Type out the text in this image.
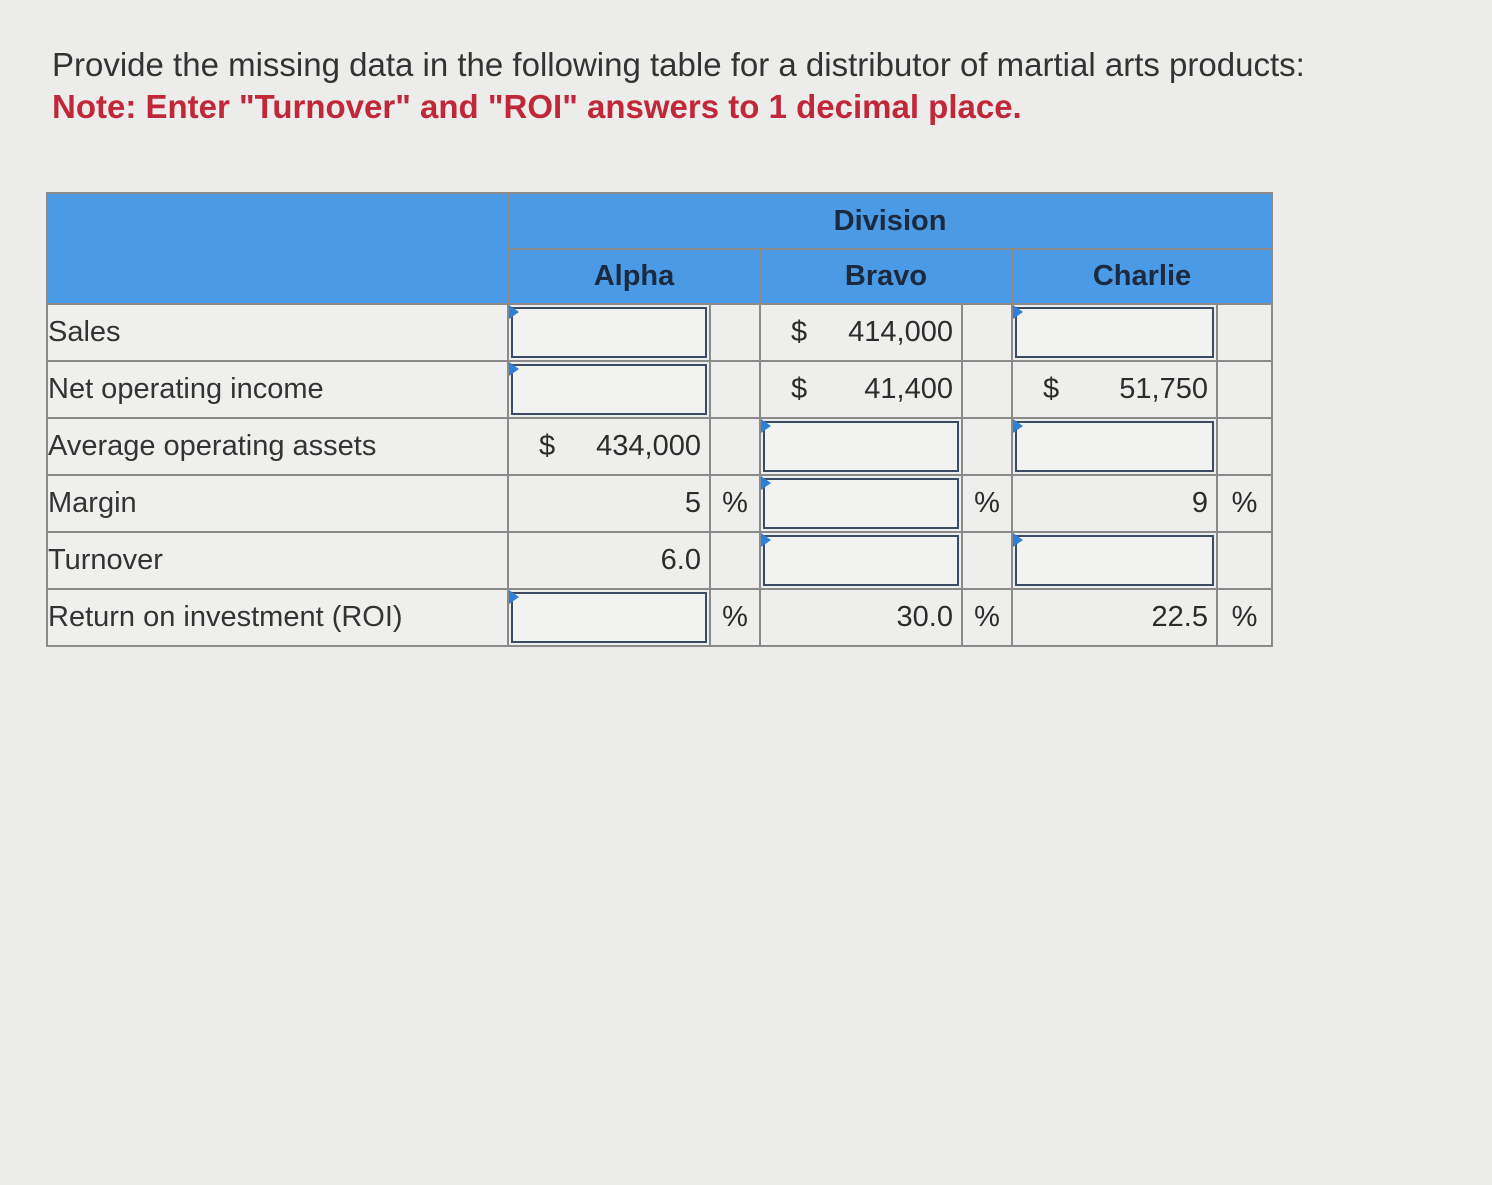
Provide the missing data in the following table for a distributor of martial arts products:
Note: Enter "Turnover" and "ROI" answers to 1 decimal place.
	Division					
	Alpha		Bravo		Charlie	
Sales			$ 414,000

Net operating income			$ 41,400		$ 51,750	

Average operating assets	$ 434,000

Margin	5	%		%	9	%
Turnover	6.0

Return on investment (ROI)		%	30.0	%	22.5	%
